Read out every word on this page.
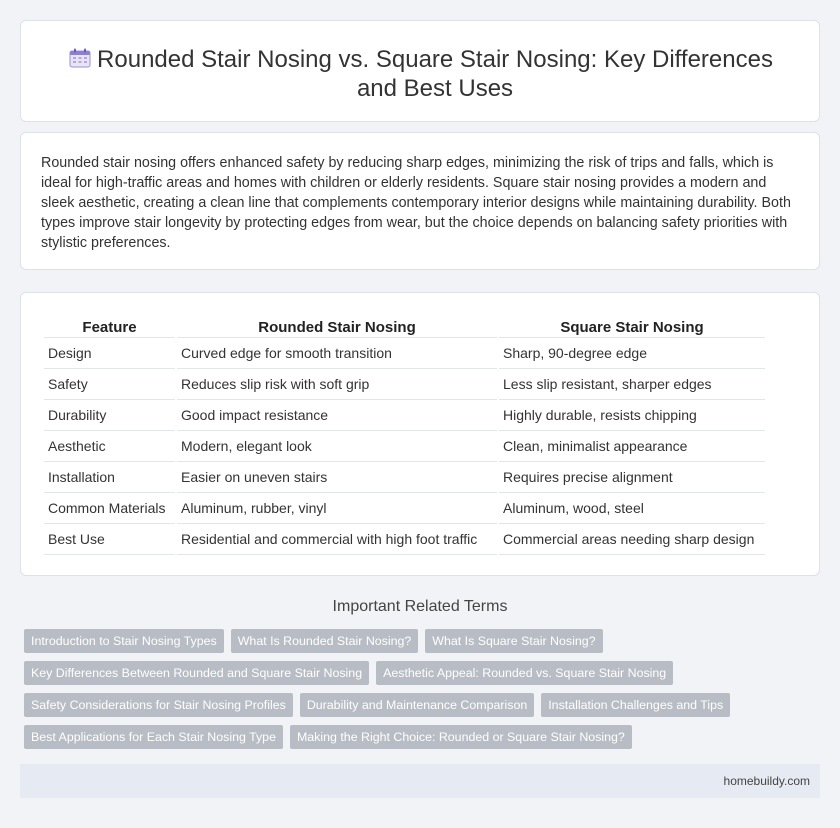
Rounded Stair Nosing vs. Square Stair Nosing: Key Differences and Best Uses

Rounded stair nosing offers enhanced safety by reducing sharp edges, minimizing the risk of trips and falls, which is ideal for high-traffic areas and homes with children or elderly residents. Square stair nosing provides a modern and sleek aesthetic, creating a clean line that complements contemporary interior designs while maintaining durability. Both types improve stair longevity by protecting edges from wear, but the choice depends on balancing safety priorities with stylistic preferences.

Feature	Rounded Stair Nosing	Square Stair Nosing
Design	Curved edge for smooth transition	Sharp, 90-degree edge
Safety	Reduces slip risk with soft grip	Less slip resistant, sharper edges
Durability	Good impact resistance	Highly durable, resists chipping
Aesthetic	Modern, elegant look	Clean, minimalist appearance
Installation	Easier on uneven stairs	Requires precise alignment
Common Materials	Aluminum, rubber, vinyl	Aluminum, wood, steel
Best Use	Residential and commercial with high foot traffic	Commercial areas needing sharp design
Important Related Terms
Introduction to Stair Nosing Types	What Is Rounded Stair Nosing?	What Is Square Stair Nosing?
Key Differences Between Rounded and Square Stair Nosing	Aesthetic Appeal: Rounded vs. Square Stair Nosing
Safety Considerations for Stair Nosing Profiles	Durability and Maintenance Comparison	Installation Challenges and Tips
Best Applications for Each Stair Nosing Type	Making the Right Choice: Rounded or Square Stair Nosing?
homebuildy.com
